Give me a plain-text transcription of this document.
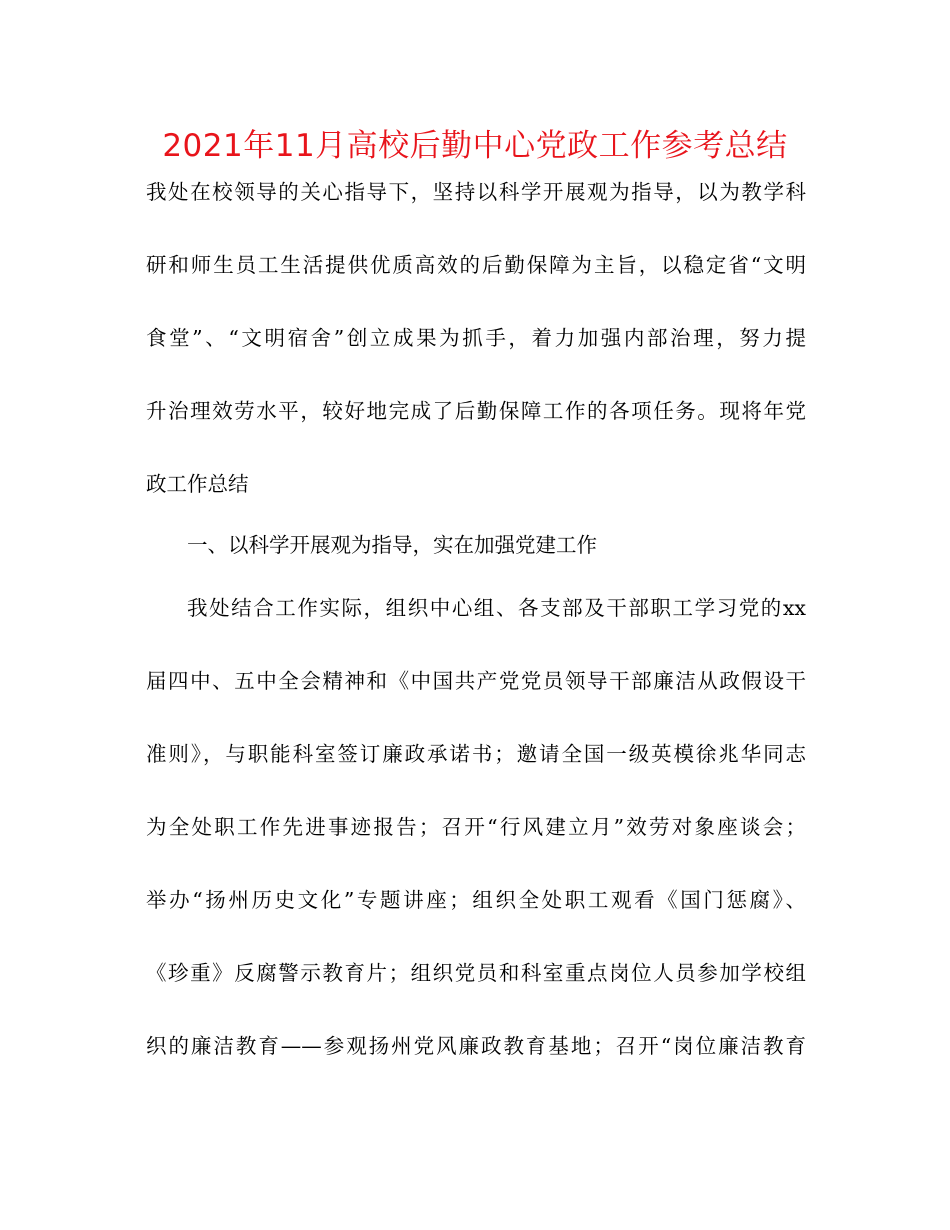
2021年11月高校后勤中心党政工作参考总结
我处在校领导的关心指导下，坚持以科学开展观为指导，以为教学科
研和师生员工生活提供优质高效的后勤保障为主旨，以稳定省“文明
食堂”、“文明宿舍”创立成果为抓手，着力加强内部治理，努力提
升治理效劳水平，较好地完成了后勤保障工作的各项任务。现将年党
政工作总结
一、以科学开展观为指导，实在加强党建工作
我处结合工作实际，组织中心组、各支部及干部职工学习党的xx
届四中、五中全会精神和《中国共产党党员领导干部廉洁从政假设干
准则》，与职能科室签订廉政承诺书；邀请全国一级英模徐兆华同志
为全处职工作先进事迹报告；召开“行风建立月”效劳对象座谈会；
举办“扬州历史文化”专题讲座；组织全处职工观看《国门惩腐》、
《珍重》反腐警示教育片；组织党员和科室重点岗位人员参加学校组
织的廉洁教育——参观扬州党风廉政教育基地；召开“岗位廉洁教育
